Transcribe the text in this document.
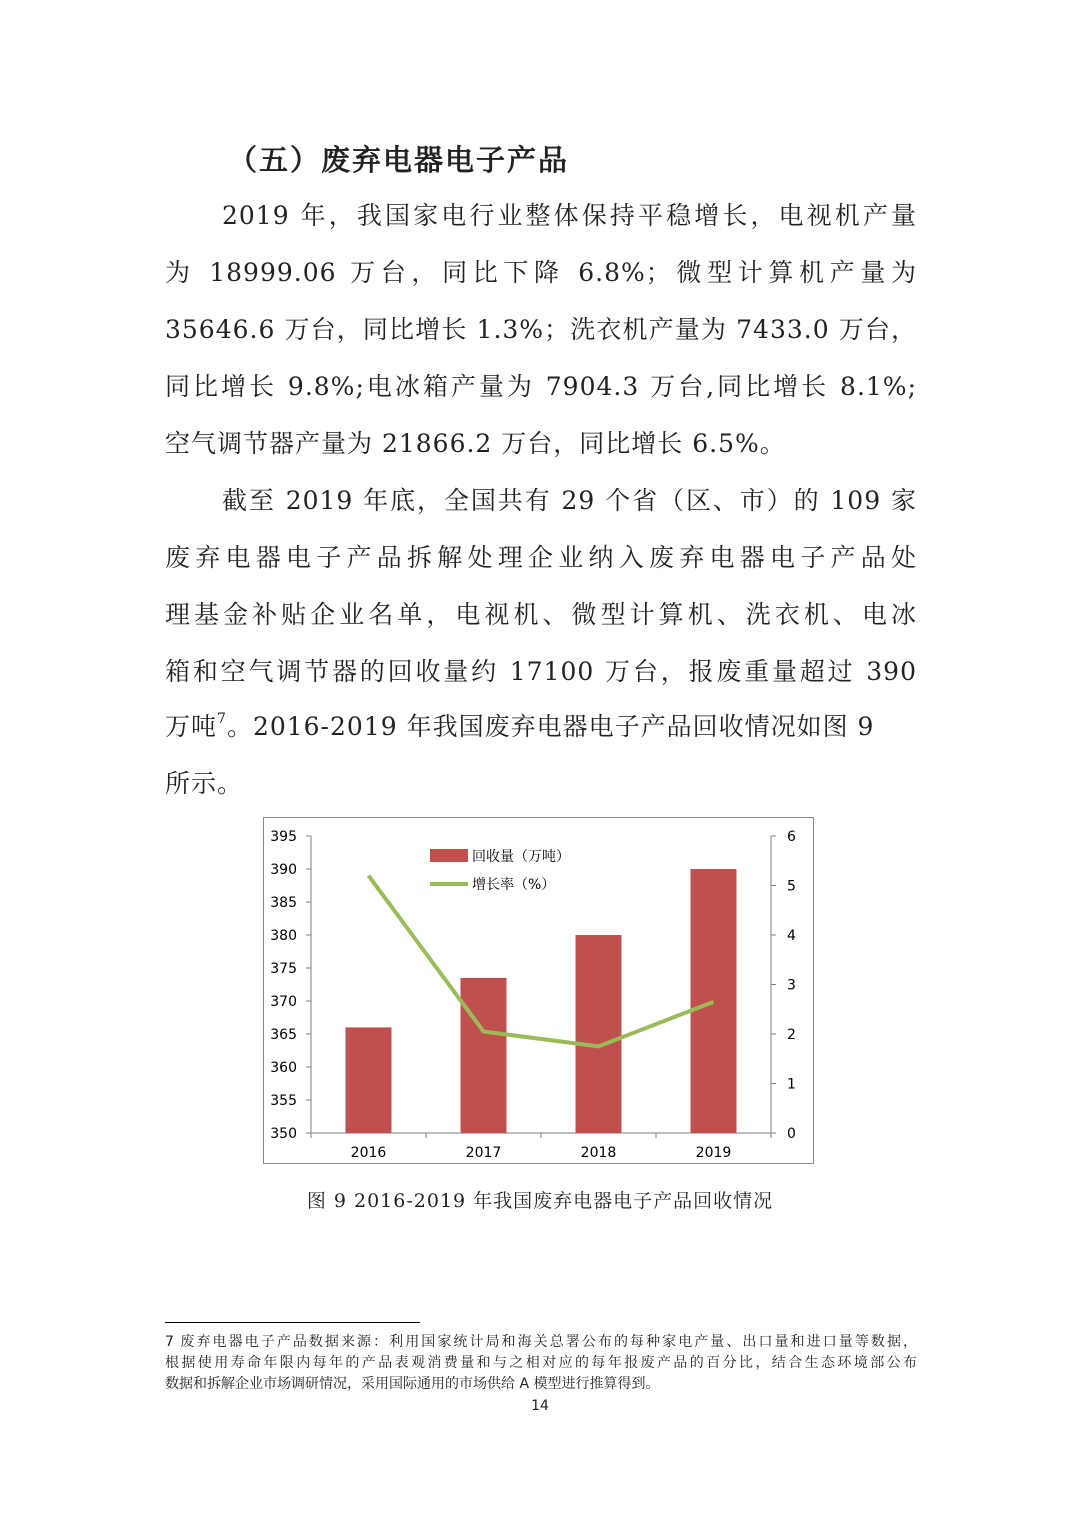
（五）废弃电器电子产品
2019 年，我国家电行业整体保持平稳增长，电视机产量
为 18999.06 万台，同比下降 6.8%；微型计算机产量为
35646.6 万台，同比增长 1.3%；洗衣机产量为 7433.0 万台，
同比增长 9.8%;电冰箱产量为 7904.3 万台,同比增长 8.1%;
空气调节器产量为 21866.2 万台，同比增长 6.5%。
截至 2019 年底，全国共有 29 个省（区、市）的 109 家
废弃电器电子产品拆解处理企业纳入废弃电器电子产品处
理基金补贴企业名单，电视机、微型计算机、洗衣机、电冰
箱和空气调节器的回收量约 17100 万台，报废重量超过 390
万吨$^7$。2016-2019 年我国废弃电器电子产品回收情况如图 9
所示。
350
355
360
365
370
375
380
385
390
395
0
1
2
3
4
5
6
2016	2017	2018	2019
回收量（万吨）
增长率（%）
图 9 2016-2019 年我国废弃电器电子产品回收情况
7 废弃电器电子产品数据来源：利用国家统计局和海关总署公布的每种家电产量、出口量和进口量等数据，
根据使用寿命年限内每年的产品表观消费量和与之相对应的每年报废产品的百分比，结合生态环境部公布
数据和拆解企业市场调研情况，采用国际通用的市场供给 A 模型进行推算得到。
14
